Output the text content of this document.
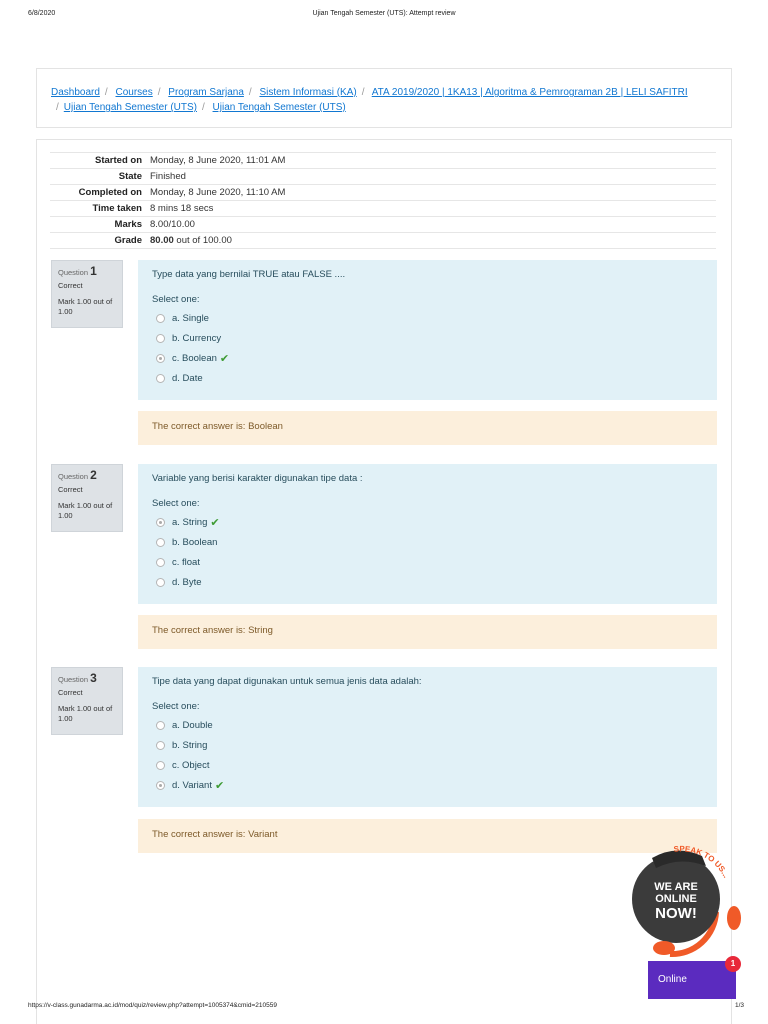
6/8/2020	Ujian Tengah Semester (UTS): Attempt review
Dashboard / Courses / Program Sarjana / Sistem Informasi (KA) / ATA 2019/2020 | 1KA13 | Algoritma & Pemrograman 2B | LELI SAFITRI
/ Ujian Tengah Semester (UTS) / Ujian Tengah Semester (UTS)
Started on	Monday, 8 June 2020, 11:01 AM
State	Finished
Completed on	Monday, 8 June 2020, 11:10 AM
Time taken	8 mins 18 secs
Marks	8.00/10.00
Grade	80.00 out of 100.00
Question 1
Correct
Mark 1.00 out of 1.00
Type data yang bernilai TRUE atau FALSE ....
Select one:
a. Single
b. Currency
c. Boolean ✔
d. Date
The correct answer is: Boolean
Question 2
Correct
Mark 1.00 out of 1.00
Variable yang berisi karakter digunakan tipe data :
Select one:
a. String ✔
b. Boolean
c. float
d. Byte
The correct answer is: String
Question 3
Correct
Mark 1.00 out of 1.00
Tipe data yang dapat digunakan untuk semua jenis data adalah:
Select one:
a. Double
b. String
c. Object
d. Variant ✔
The correct answer is: Variant
SPEAK TO US...
WE ARE
ONLINE
NOW!
Online
1
https://v-class.gunadarma.ac.id/mod/quiz/review.php?attempt=1005374&cmid=210559	1/3
